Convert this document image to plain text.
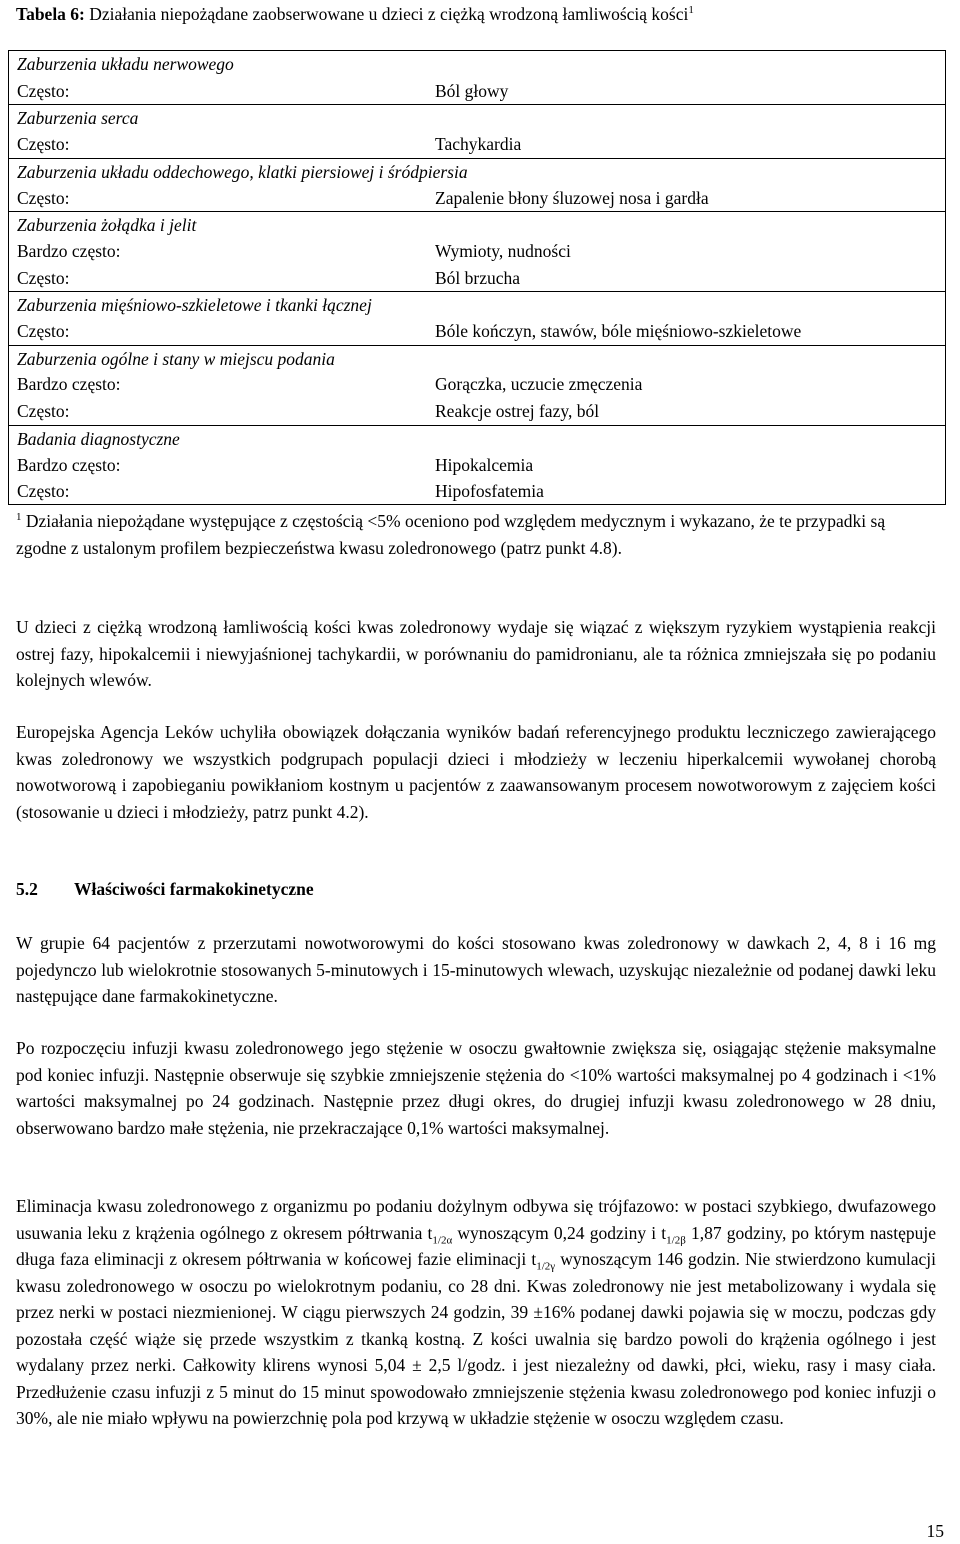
Tabela 6: Działania niepożądane zaobserwowane u dzieci z ciężką wrodzoną łamliwością kości$^1$
Zaburzenia układu nerwowego
Często:	Ból głowy
Zaburzenia serca
Często:	Tachykardia
Zaburzenia układu oddechowego, klatki piersiowej i śródpiersia
Często:	Zapalenie błony śluzowej nosa i gardła
Zaburzenia żołądka i jelit
Bardzo często:	Wymioty, nudności
Często:	Ból brzucha
Zaburzenia mięśniowo-szkieletowe i tkanki łącznej
Często:	Bóle kończyn, stawów, bóle mięśniowo-szkieletowe
Zaburzenia ogólne i stany w miejscu podania
Bardzo często:	Gorączka, uczucie zmęczenia
Często:	Reakcje ostrej fazy, ból
Badania diagnostyczne
Bardzo często:	Hipokalcemia
Często:	Hipofosfatemia
$^1$ Działania niepożądane występujące z częstością <5% oceniono pod względem medycznym i wykazano, że te przypadki są zgodne z ustalonym profilem bezpieczeństwa kwasu zoledronowego (patrz punkt 4.8).
U dzieci z ciężką wrodzoną łamliwością kości kwas zoledronowy wydaje się wiązać z większym ryzykiem wystąpienia reakcji ostrej fazy, hipokalcemii i niewyjaśnionej tachykardii, w porównaniu do pamidronianu, ale ta różnica zmniejszała się po podaniu kolejnych wlewów.
Europejska Agencja Leków uchyliła obowiązek dołączania wyników badań referencyjnego produktu leczniczego zawierającego kwas zoledronowy we wszystkich podgrupach populacji dzieci i młodzieży w leczeniu hiperkalcemii wywołanej chorobą nowotworową i zapobieganiu powikłaniom kostnym u pacjentów z zaawansowanym procesem nowotworowym z zajęciem kości (stosowanie u dzieci i młodzieży, patrz punkt 4.2).
5.2 Właściwości farmakokinetyczne
W grupie 64 pacjentów z przerzutami nowotworowymi do kości stosowano kwas zoledronowy w dawkach 2, 4, 8 i 16 mg pojedynczo lub wielokrotnie stosowanych 5-minutowych i 15-minutowych wlewach, uzyskując niezależnie od podanej dawki leku następujące dane farmakokinetyczne.
Po rozpoczęciu infuzji kwasu zoledronowego jego stężenie w osoczu gwałtownie zwiększa się, osiągając stężenie maksymalne pod koniec infuzji. Następnie obserwuje się szybkie zmniejszenie stężenia do <10% wartości maksymalnej po 4 godzinach i <1% wartości maksymalnej po 24 godzinach. Następnie przez długi okres, do drugiej infuzji kwasu zoledronowego w 28 dniu, obserwowano bardzo małe stężenia, nie przekraczające 0,1% wartości maksymalnej.
Eliminacja kwasu zoledronowego z organizmu po podaniu dożylnym odbywa się trójfazowo: w postaci szybkiego, dwufazowego usuwania leku z krążenia ogólnego z okresem półtrwania $t_{1/2\alpha}$ wynoszącym 0,24 godziny i $t_{1/2\beta}$ 1,87 godziny, po którym następuje długa faza eliminacji z okresem półtrwania w końcowej fazie eliminacji $t_{1/2\gamma}$ wynoszącym 146 godzin. Nie stwierdzono kumulacji kwasu zoledronowego w osoczu po wielokrotnym podaniu, co 28 dni. Kwas zoledronowy nie jest metabolizowany i wydala się przez nerki w postaci niezmienionej. W ciągu pierwszych 24 godzin, 39 ±16% podanej dawki pojawia się w moczu, podczas gdy pozostała część wiąże się przede wszystkim z tkanką kostną. Z kości uwalnia się bardzo powoli do krążenia ogólnego i jest wydalany przez nerki. Całkowity klirens wynosi 5,04 ± 2,5 l/godz. i jest niezależny od dawki, płci, wieku, rasy i masy ciała. Przedłużenie czasu infuzji z 5 minut do 15 minut spowodowało zmniejszenie stężenia kwasu zoledronowego pod koniec infuzji o 30%, ale nie miało wpływu na powierzchnię pola pod krzywą w układzie stężenie w osoczu względem czasu.
15
